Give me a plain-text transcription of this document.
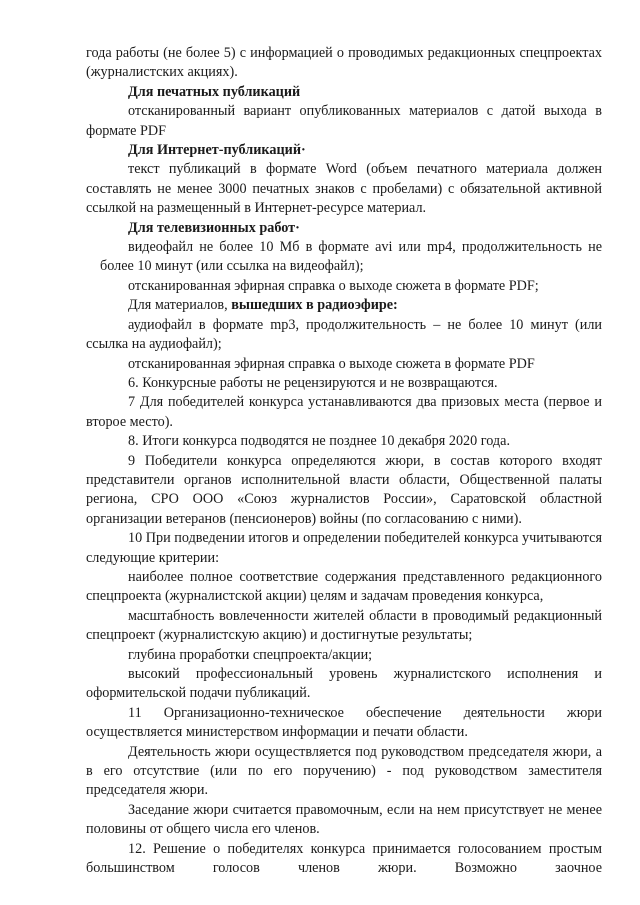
года работы (не более 5) с информацией о проводимых редакционных спецпроектах (журналистских акциях).

Для печатных публикаций

отсканированный вариант опубликованных материалов с датой выхода в формате PDF

Для Интернет-публикаций·

текст публикаций в формате Word (объем печатного материала должен составлять не менее 3000 печатных знаков с пробелами) с обязательной активной ссылкой на размещенный в Интернет-ресурсе материал.

Для телевизионных работ·

видеофайл не более 10 Мб в формате avi или mp4, продолжительность не более 10 минут (или ссылка на видеофайл);

отсканированная эфирная справка о выходе сюжета в формате PDF;

Для материалов, вышедших в радиоэфире:

аудиофайл в формате mp3, продолжительность – не более 10 минут (или ссылка на аудиофайл);

отсканированная эфирная справка о выходе сюжета в формате PDF

6. Конкурсные работы не рецензируются и не возвращаются.

7 Для победителей конкурса устанавливаются два призовых места (первое и второе место).

8. Итоги конкурса подводятся не позднее 10 декабря 2020 года.

9 Победители конкурса определяются жюри, в состав которого входят представители органов исполнительной власти области, Общественной палаты региона, СРО ООО «Союз журналистов России», Саратовской областной организации ветеранов (пенсионеров) войны (по согласованию с ними).

10 При подведении итогов и определении победителей конкурса учитываются следующие критерии:

наиболее полное соответствие содержания представленного редакционного спецпроекта (журналистской акции) целям и задачам проведения конкурса,

масштабность вовлеченности жителей области в проводимый редакционный спецпроект (журналистскую акцию) и достигнутые результаты;

глубина проработки спецпроекта/акции;

высокий профессиональный уровень журналистского исполнения и оформительской подачи публикаций.

11 Организационно-техническое обеспечение деятельности жюри осуществляется министерством информации и печати области.

Деятельность жюри осуществляется под руководством председателя жюри, а в его отсутствие (или по его поручению) - под руководством заместителя председателя жюри.

Заседание жюри считается правомочным, если на нем присутствует не менее половины от общего числа его членов.

12. Решение о победителях конкурса принимается голосованием простым большинством голосов членов жюри. Возможно заочное
